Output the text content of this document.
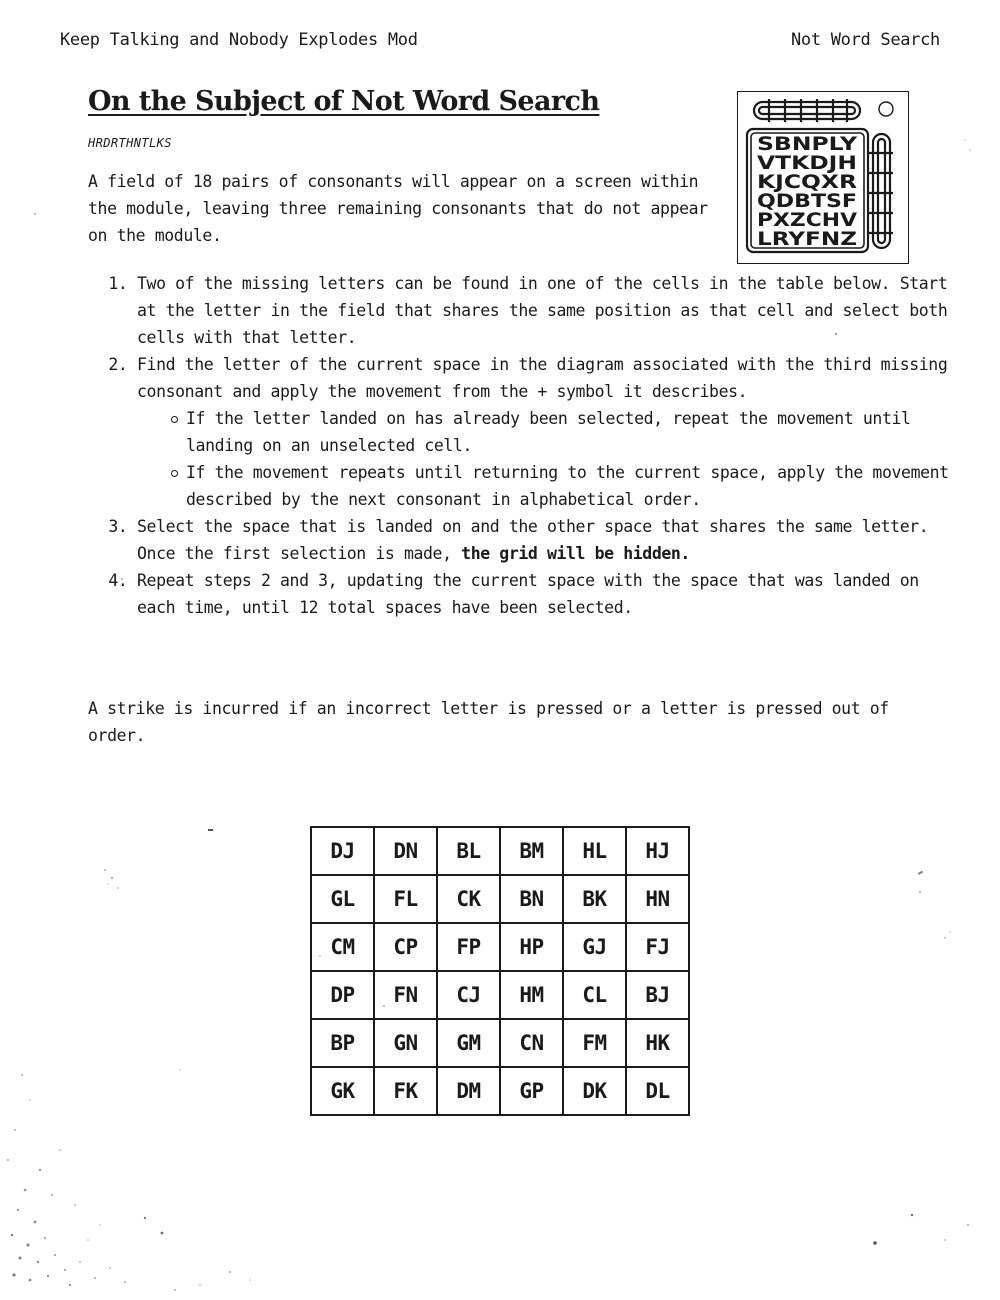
Keep Talking and Nobody Explodes Mod	Not Word Search
On the Subject of Not Word Search
HRDRTHNTLKS

A field of 18 pairs of consonants will appear on a screen within the module, leaving three remaining consonants that do not appear on the module.

SBNPLY
VTKDJH
KJCQXR
QDBTSF
PXZCHV
LRYFNZ
1. Two of the missing letters can be found in one of the cells in the table below. Start at the letter in the field that shares the same position as that cell and select both cells with that letter.
2. Find the letter of the current space in the diagram associated with the third missing consonant and apply the movement from the + symbol it describes.
If the letter landed on has already been selected, repeat the movement until landing on an unselected cell.
If the movement repeats until returning to the current space, apply the movement described by the next consonant in alphabetical order.
3. Select the space that is landed on and the other space that shares the same letter.
Once the first selection is made, the grid will be hidden.
4. Repeat steps 2 and 3, updating the current space with the space that was landed on each time, until 12 total spaces have been selected.

A strike is incurred if an incorrect letter is pressed or a letter is pressed out of order.

DJ	DN	BL	BM	HL	HJ
GL	FL	CK	BN	BK	HN
CM	CP	FP	HP	GJ	FJ
DP	FN	CJ	HM	CL	BJ
BP	GN	GM	CN	FM	HK
GK	FK	DM	GP	DK	DL
